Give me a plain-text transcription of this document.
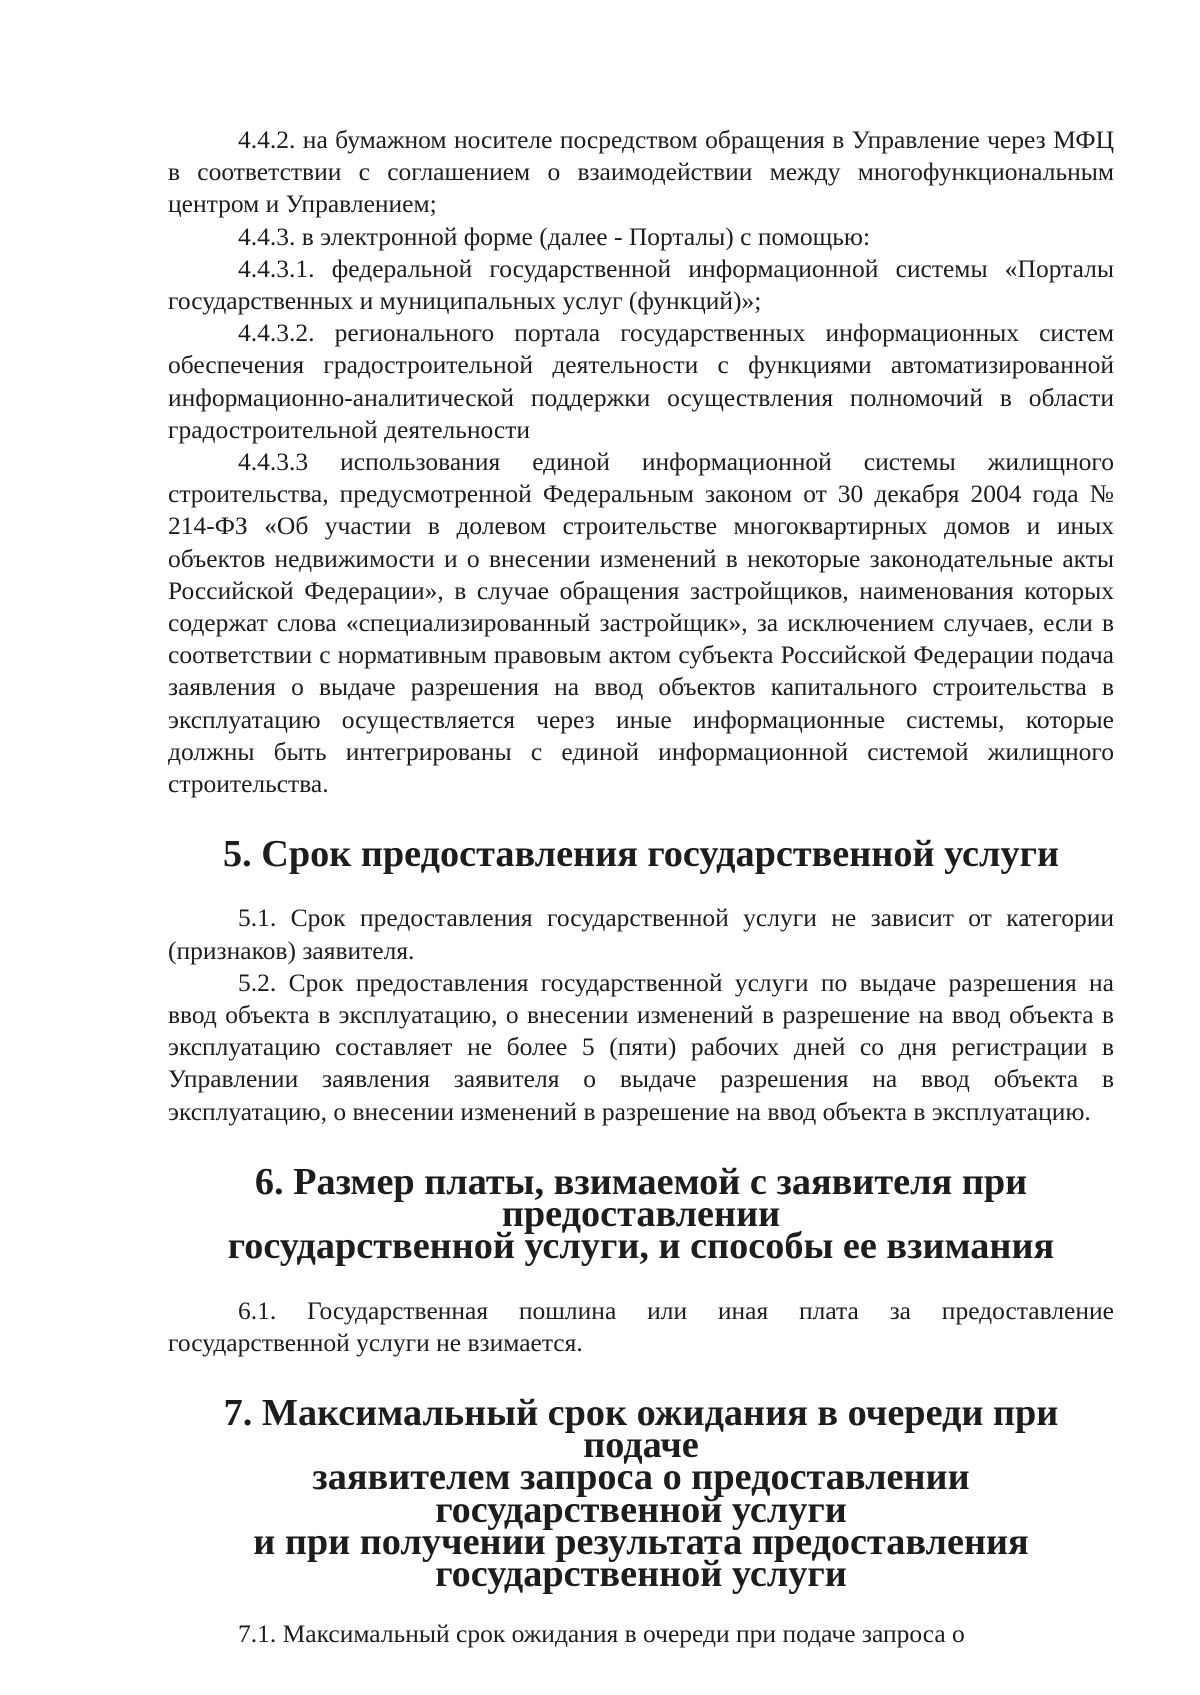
4.4.2. на бумажном носителе посредством обращения в Управление через МФЦ в соответствии с соглашением о взаимодействии между многофункциональным центром и Управлением;

4.4.3. в электронной форме (далее - Порталы) с помощью:

4.4.3.1. федеральной государственной информационной системы «Порталы государственных и муниципальных услуг (функций)»;

4.4.3.2. регионального портала государственных информационных систем обеспечения градостроительной деятельности с функциями автоматизированной информационно-аналитической поддержки осуществления полномочий в области градостроительной деятельности

4.4.3.3 использования единой информационной системы жилищного строительства, предусмотренной Федеральным законом от 30 декабря 2004 года № 214-ФЗ «Об участии в долевом строительстве многоквартирных домов и иных объектов недвижимости и о внесении изменений в некоторые законодательные акты Российской Федерации», в случае обращения застройщиков, наименования которых содержат слова «специализированный застройщик», за исключением случаев, если в соответствии с нормативным правовым актом субъекта Российской Федерации подача заявления о выдаче разрешения на ввод объектов капитального строительства в эксплуатацию осуществляется через иные информационные системы, которые должны быть интегрированы с единой информационной системой жилищного строительства.

5. Срок предоставления государственной услуги

5.1. Срок предоставления государственной услуги не зависит от категории (признаков) заявителя.

5.2. Срок предоставления государственной услуги по выдаче разрешения на ввод объекта в эксплуатацию, о внесении изменений в разрешение на ввод объекта в эксплуатацию составляет не более 5 (пяти) рабочих дней со дня регистрации в Управлении заявления заявителя о выдаче разрешения на ввод объекта в эксплуатацию, о внесении изменений в разрешение на ввод объекта в эксплуатацию.

6. Размер платы, взимаемой с заявителя при предоставлении
государственной услуги, и способы ее взимания

6.1. Государственная пошлина или иная плата за предоставление государственной услуги не взимается.

7. Максимальный срок ожидания в очереди при подаче
заявителем запроса о предоставлении государственной услуги
и при получении результата предоставления
государственной услуги

7.1. Максимальный срок ожидания в очереди при подаче запроса о
